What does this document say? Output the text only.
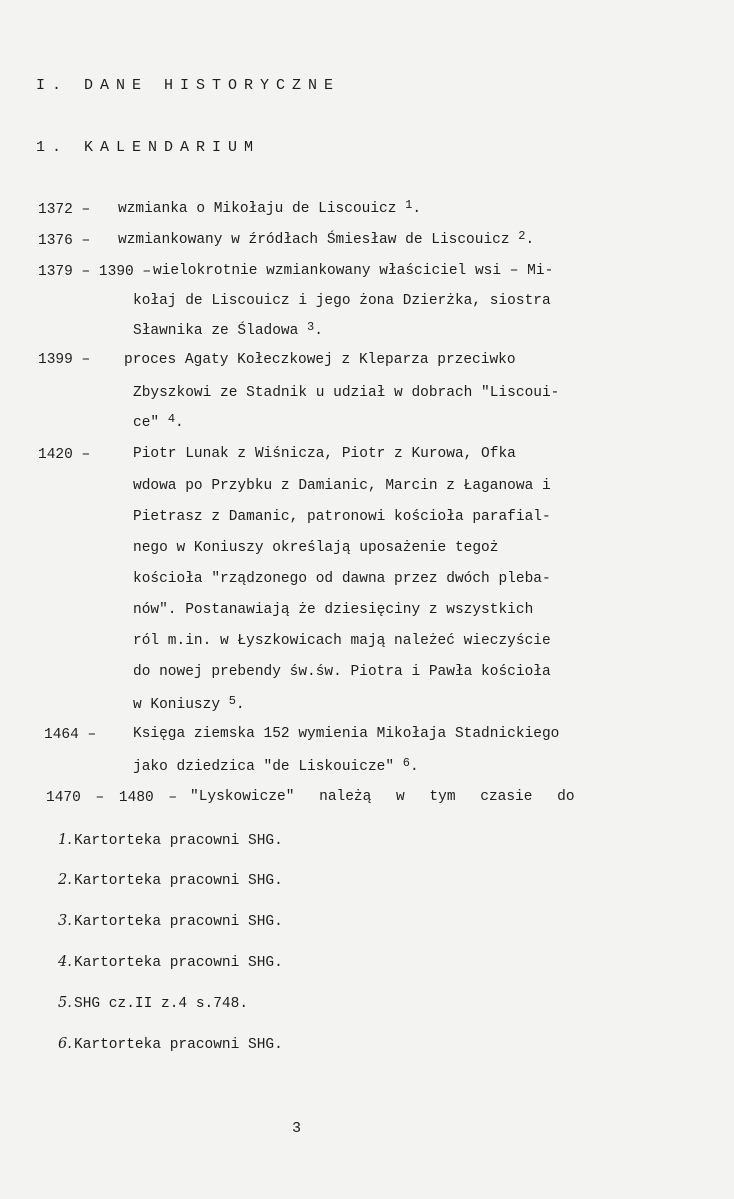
I. DANE HISTORYCZNE
1. KALENDARIUM
1372 – wzmianka o Mikołaju de Liscouicz $^1$.
1376 – wzmiankowany w źródłach Śmiesław de Liscouicz $^2$.
1379 – 1390 – wielokrotnie wzmiankowany właściciel wsi – Mi-
kołaj de Liscouicz i jego żona Dzierżka, siostra
Sławnika ze Śladowa $^3$.
1399 – proces Agaty Kołeczkowej z Kleparza przeciwko
Zbyszkowi ze Stadnik u udział w dobrach "Liscoui-
ce" $^4$.
1420 –	Piotr Lunak z Wiśnicza, Piotr z Kurowa, Ofka
wdowa po Przybku z Damianic, Marcin z Łaganowa i
Pietrasz z Damanic, patronowi kościoła parafial-
nego w Koniuszy określają uposażenie tegoż
kościoła "rządzonego od dawna przez dwóch pleba-
nów". Postanawiają że dziesięciny z wszystkich
ról m.in. w Łyszkowicach mają należeć wieczyście
do nowej prebendy św.św. Piotra i Pawła kościoła
w Koniuszy $^5$.
1464 –	Księga ziemska 152 wymienia Mikołaja Stadnickiego
jako dziedzica "de Liskouicze" $^6$.
1470 – 1480 – "Lyskowicze" należą w tym czasie do
1. Kartorteka pracowni SHG.
2. Kartorteka pracowni SHG.
3. Kartorteka pracowni SHG.
4. Kartorteka pracowni SHG.
5. SHG cz.II z.4 s.748.
6. Kartorteka pracowni SHG.
3
